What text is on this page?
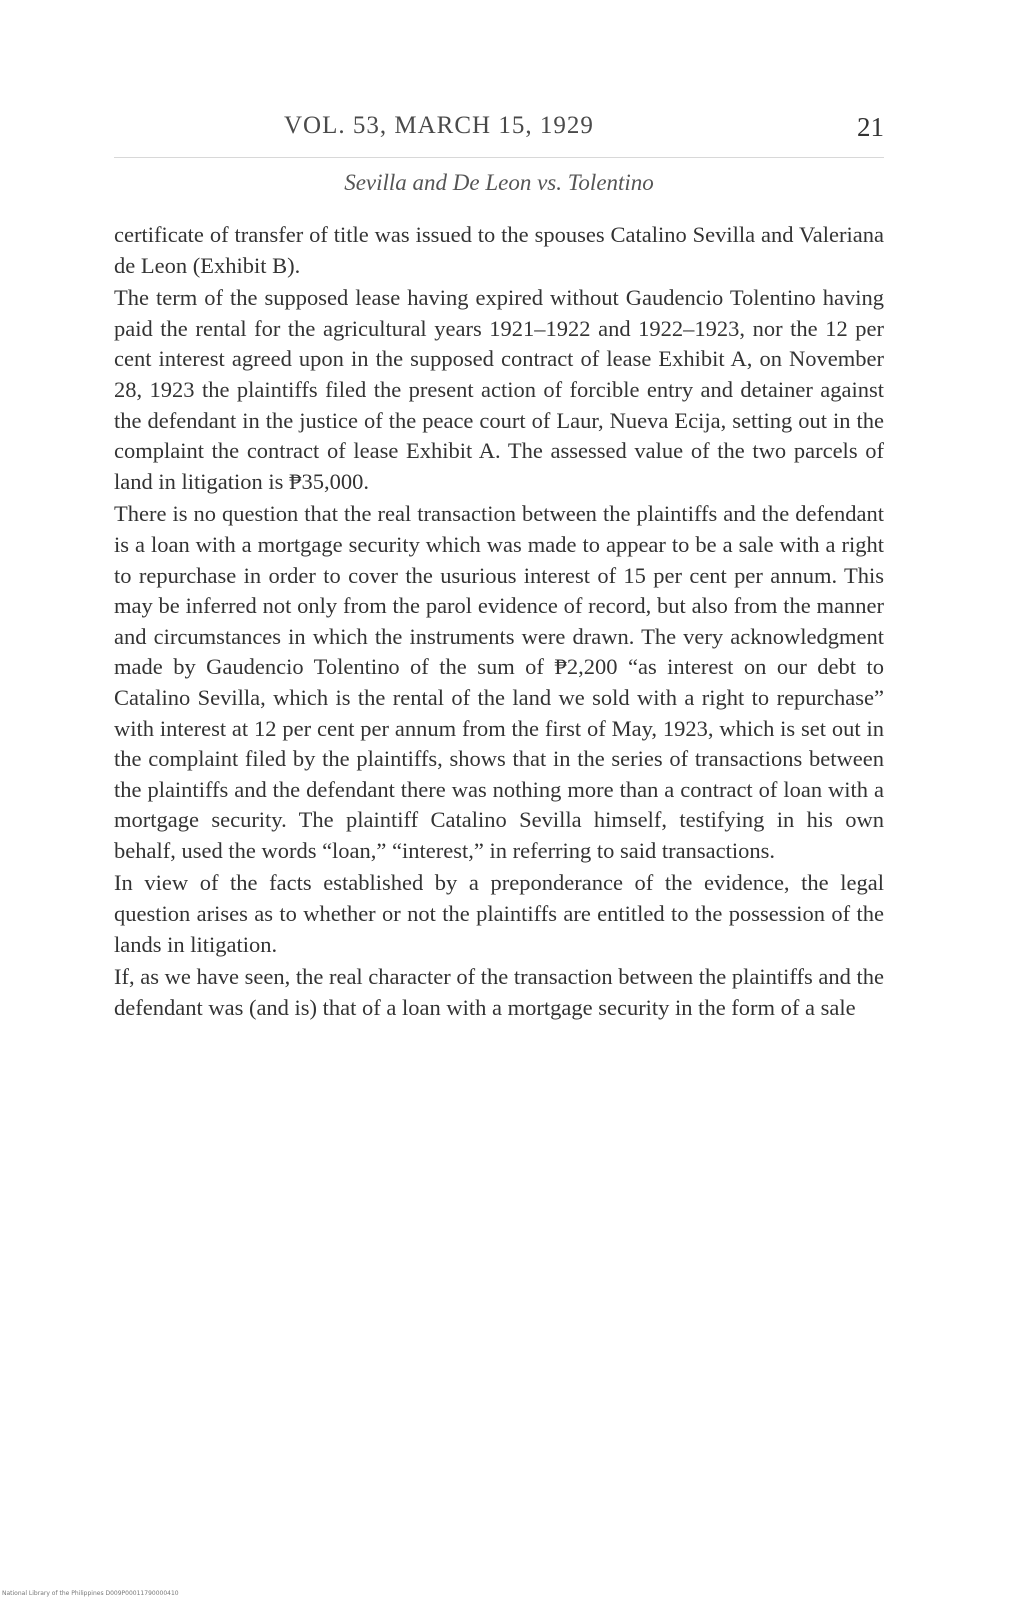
VOL. 53, MARCH 15, 1929	21
Sevilla and De Leon vs. Tolentino

certificate of transfer of title was issued to the spouses Catalino Sevilla and Valeriana de Leon (Exhibit B).

The term of the supposed lease having expired without Gaudencio Tolentino having paid the rental for the agricultural years 1921–1922 and 1922–1923, nor the 12 per cent interest agreed upon in the supposed contract of lease Exhibit A, on November 28, 1923 the plaintiffs filed the present action of forcible entry and detainer against the defendant in the justice of the peace court of Laur, Nueva Ecija, setting out in the complaint the contract of lease Exhibit A. The assessed value of the two parcels of land in litigation is ₱35,000.

There is no question that the real transaction between the plaintiffs and the defendant is a loan with a mortgage security which was made to appear to be a sale with a right to repurchase in order to cover the usurious interest of 15 per cent per annum. This may be inferred not only from the parol evidence of record, but also from the manner and circumstances in which the instruments were drawn. The very acknowledgment made by Gaudencio Tolentino of the sum of ₱2,200 “as interest on our debt to Catalino Sevilla, which is the rental of the land we sold with a right to repurchase” with interest at 12 per cent per annum from the first of May, 1923, which is set out in the complaint filed by the plaintiffs, shows that in the series of transactions between the plaintiffs and the defendant there was nothing more than a contract of loan with a mortgage security. The plaintiff Catalino Sevilla himself, testifying in his own behalf, used the words “loan,” “interest,” in referring to said transactions.

In view of the facts established by a preponderance of the evidence, the legal question arises as to whether or not the plaintiffs are entitled to the possession of the lands in litigation.

If, as we have seen, the real character of the transaction between the plaintiffs and the defendant was (and is) that of a loan with a mortgage security in the form of a sale

National Library of the Philippines D009P00011790000410
